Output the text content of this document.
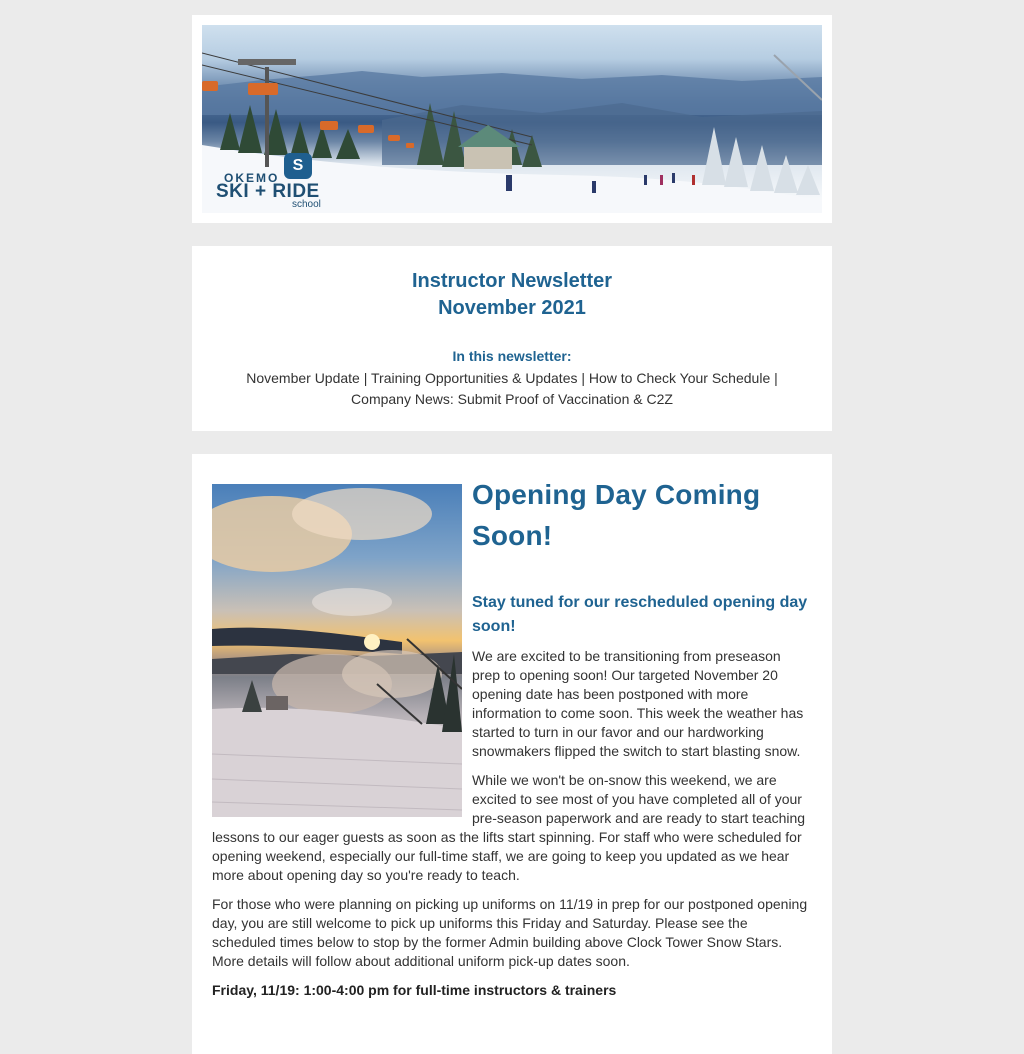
S
OKEMO
SKI + RIDE
school
Instructor Newsletter
November 2021
In this newsletter:
November Update | Training Opportunities & Updates | How to Check Your Schedule | Company News: Submit Proof of Vaccination & C2Z
Opening Day Coming Soon!
Stay tuned for our rescheduled opening day soon!

We are excited to be transitioning from preseason prep to opening soon! Our targeted November 20 opening date has been postponed with more information to come soon. This week the weather has started to turn in our favor and our hardworking snowmakers flipped the switch to start blasting snow.

While we won't be on-snow this weekend, we are excited to see most of you have completed all of your pre-season paperwork and are ready to start teaching lessons to our eager guests as soon as the lifts start spinning. For staff who were scheduled for opening weekend, especially our full-time staff, we are going to keep you updated as we hear more about opening day so you're ready to teach.

For those who were planning on picking up uniforms on 11/19 in prep for our postponed opening day, you are still welcome to pick up uniforms this Friday and Saturday. Please see the scheduled times below to stop by the former Admin building above Clock Tower Snow Stars. More details will follow about additional uniform pick-up dates soon.

Friday, 11/19: 1:00-4:00 pm for full-time instructors & trainers
